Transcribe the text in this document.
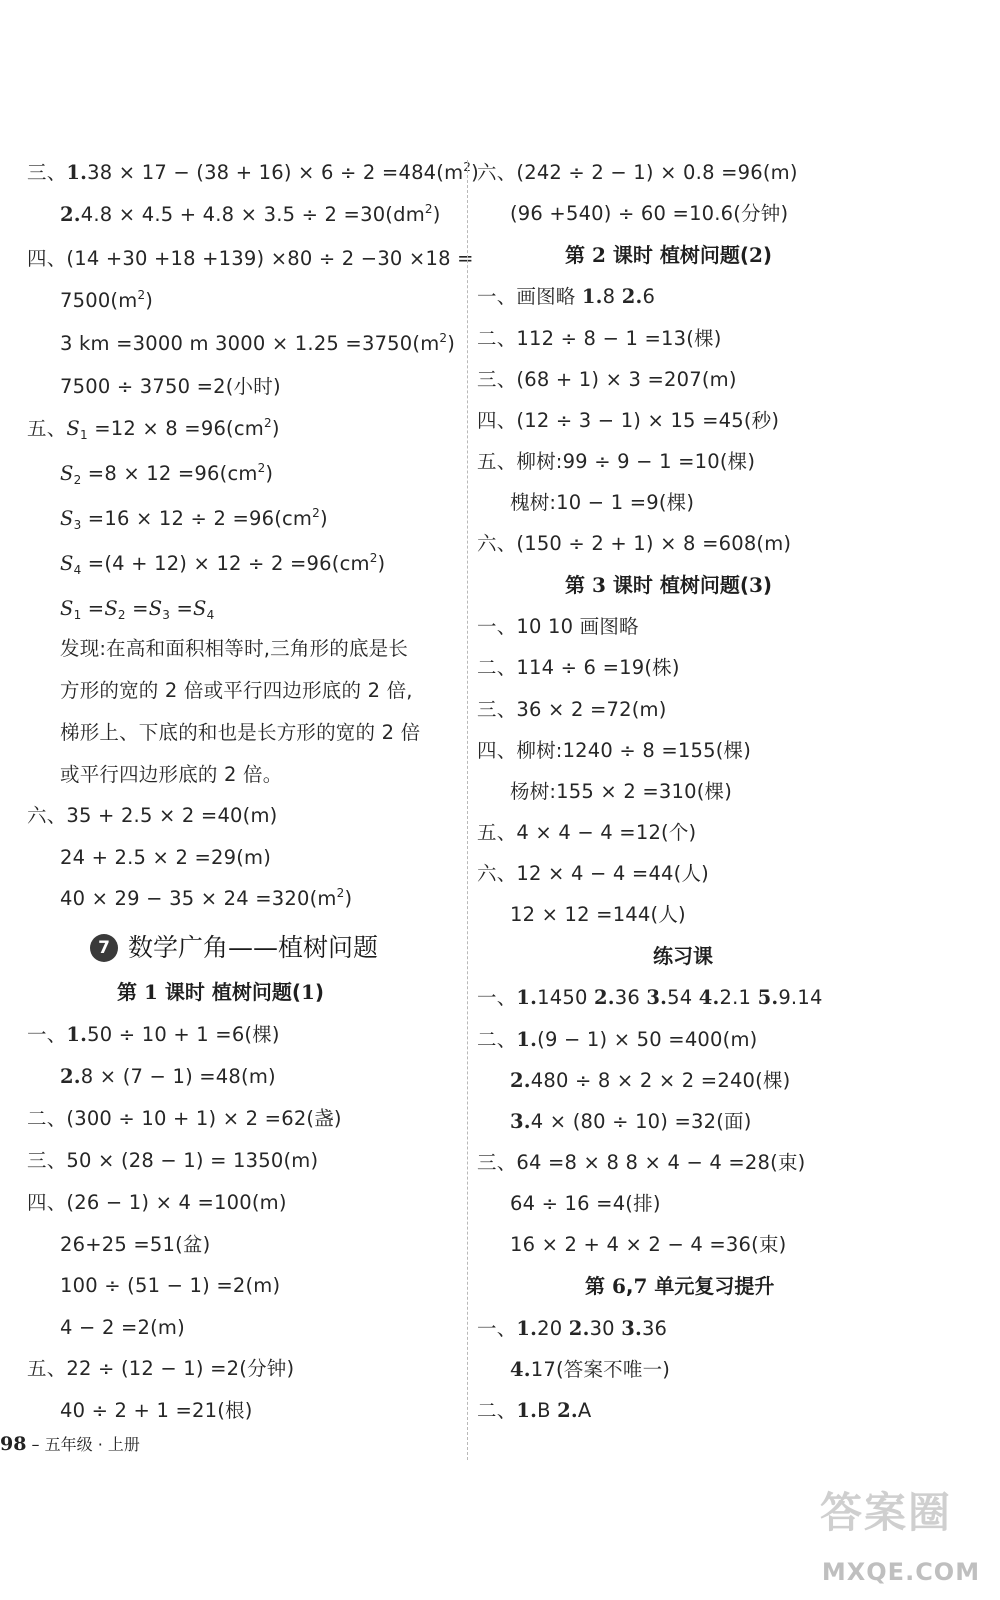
三、$1.38 \times 17 - (38 + 16) \times 6 \div 2 =484(m^2)$
$2.4.8 \times 4.5 + 4.8 \times 3.5 \div 2 =30(dm^2)$
四、(14 +30 +18 +139) ×80 ÷ 2 −30 ×18 =
$7500(m^2)$
3 km =3000 m $3000 \times 1.25 =3750(m^2)$
7500 ÷ 3750 =2(小时)
五、$S_1 =12 \times 8 =96(cm^2)$
$S_2 =8 \times 12 =96(cm^2)$
$S_3 =16 \times 12 \div 2 =96(cm^2)$
$S_4 =(4 + 12) \times 12 \div 2 =96(cm^2)$
$S_1 =S_2 =S_3 =S_4$
发现:在高和面积相等时,三角形的底是长
方形的宽的 2 倍或平行四边形底的 2 倍,
梯形上、下底的和也是长方形的宽的 2 倍
或平行四边形底的 2 倍。
六、35 + 2.5 × 2 =40(m)
24 + 2.5 × 2 =29(m)
$40 \times 29 - 35 \times 24 =320(m^2)$
7 数学广角——植树问题
第 1 课时 植树问题(1)
一、1.50 ÷ 10 + 1 =6(棵)
2.8 × (7 − 1) =48(m)
二、(300 ÷ 10 + 1) × 2 =62(盏)
三、50 × (28 − 1) = 1350(m)
四、(26 − 1) × 4 =100(m)
26+25 =51(盆)
100 ÷ (51 − 1) =2(m)
4 − 2 =2(m)
五、22 ÷ (12 − 1) =2(分钟)
40 ÷ 2 + 1 =21(根)
六、(242 ÷ 2 − 1) × 0.8 =96(m)
(96 +540) ÷ 60 =10.6(分钟)
第 2 课时 植树问题(2)
一、画图略 1.8 2.6
二、112 ÷ 8 − 1 =13(棵)
三、(68 + 1) × 3 =207(m)
四、(12 ÷ 3 − 1) × 15 =45(秒)
五、柳树:99 ÷ 9 − 1 =10(棵)
槐树:10 − 1 =9(棵)
六、(150 ÷ 2 + 1) × 8 =608(m)
第 3 课时 植树问题(3)
一、10 10 画图略
二、114 ÷ 6 =19(株)
三、36 × 2 =72(m)
四、柳树:1240 ÷ 8 =155(棵)
杨树:155 × 2 =310(棵)
五、4 × 4 − 4 =12(个)
六、12 × 4 − 4 =44(人)
12 × 12 =144(人)
练习课
一、1.1450 2.36 3.54 4.2.1 5.9.14
二、1.(9 − 1) × 50 =400(m)
2.480 ÷ 8 × 2 × 2 =240(棵)
3.4 × (80 ÷ 10) =32(面)
三、64 =8 × 8 8 × 4 − 4 =28(束)
64 ÷ 16 =4(排)
16 × 2 + 4 × 2 − 4 =36(束)
第 6,7 单元复习提升
一、1.20 2.30 3.36
4.17(答案不唯一)
二、1.B 2.A
98 – 五年级 · 上册
答案圈
MXQE.COM
